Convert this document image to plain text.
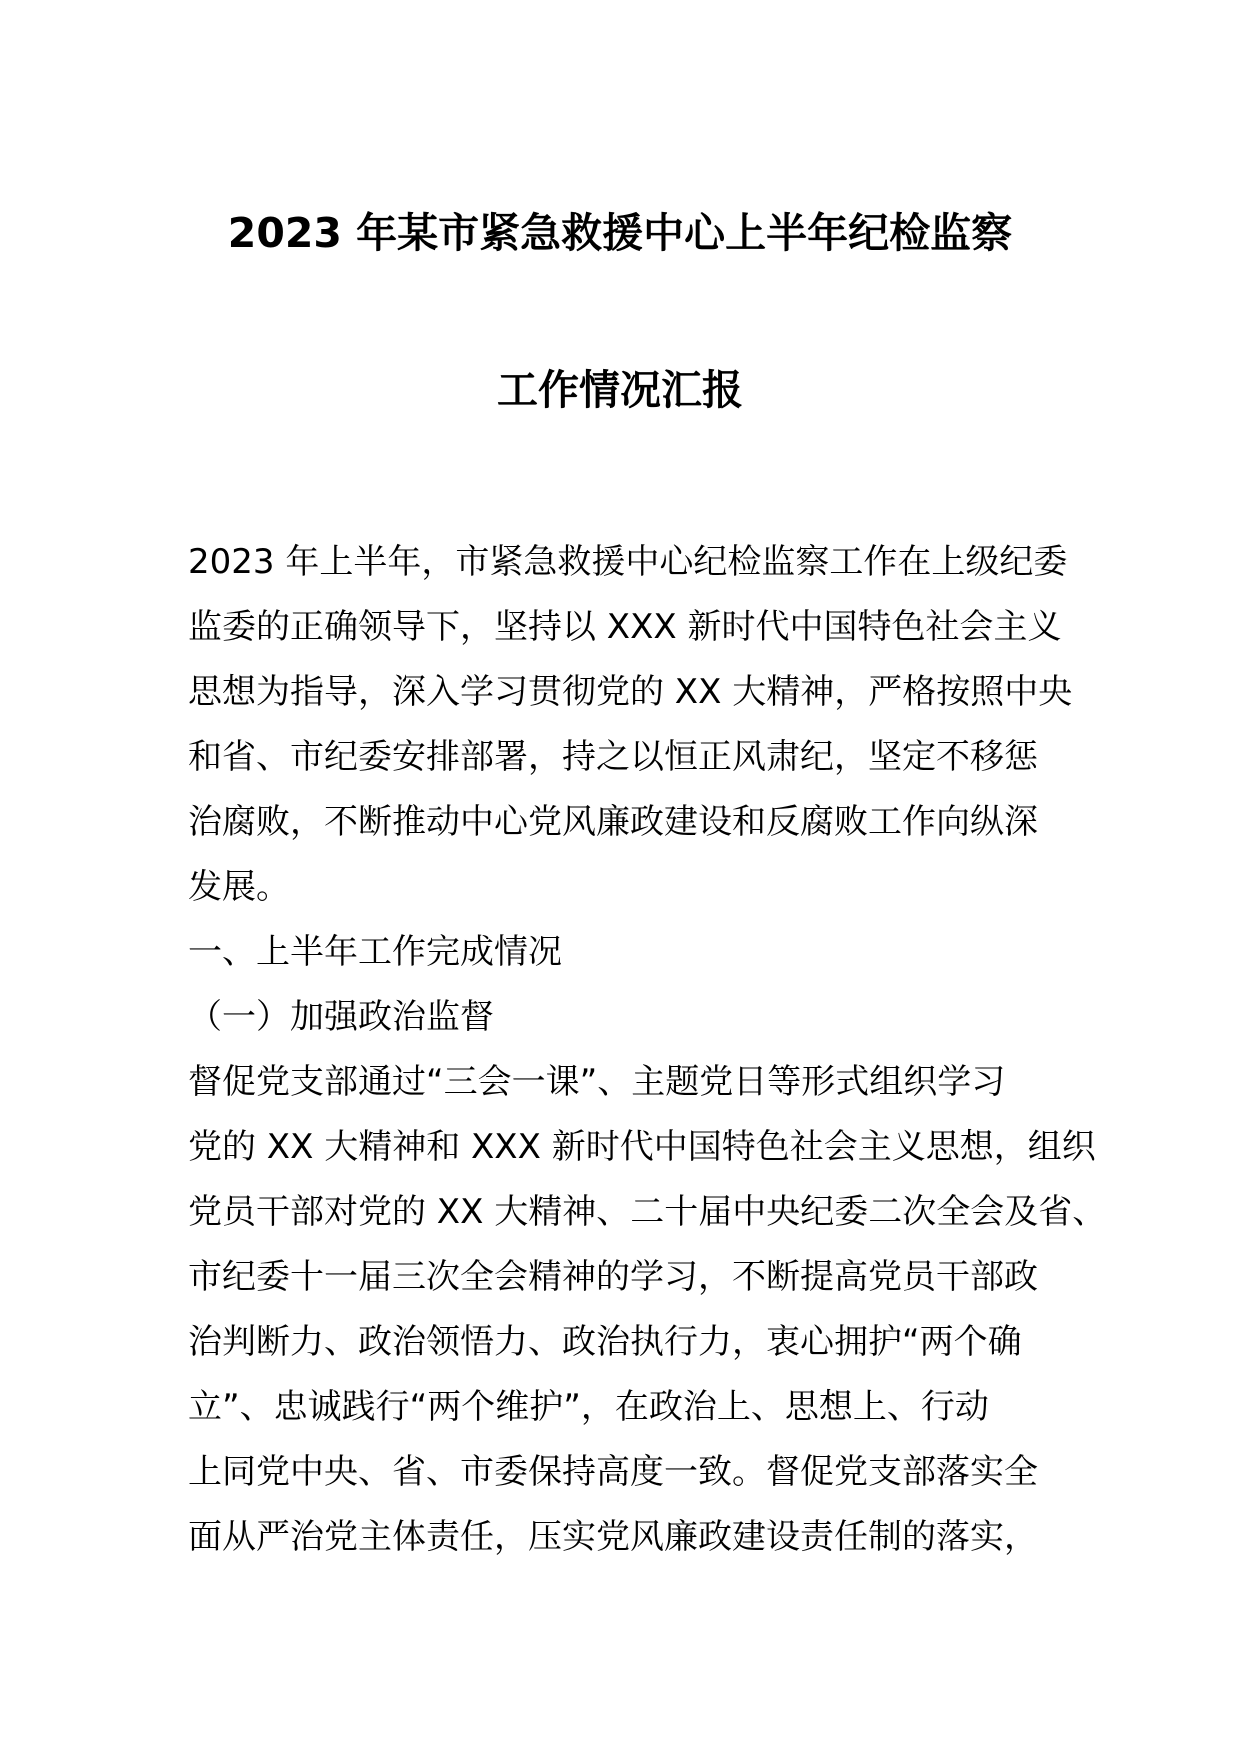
2023 年某市紧急救援中心上半年纪检监察
工作情况汇报
2023 年上半年，市紧急救援中心纪检监察工作在上级纪委
监委的正确领导下，坚持以 XXX 新时代中国特色社会主义
思想为指导，深入学习贯彻党的 XX 大精神，严格按照中央
和省、市纪委安排部署，持之以恒正风肃纪，坚定不移惩
治腐败，不断推动中心党风廉政建设和反腐败工作向纵深
发展。
一、上半年工作完成情况
（一）加强政治监督
督促党支部通过“三会一课”、主题党日等形式组织学习
党的 XX 大精神和 XXX 新时代中国特色社会主义思想，组织
党员干部对党的 XX 大精神、二十届中央纪委二次全会及省、
市纪委十一届三次全会精神的学习，不断提高党员干部政
治判断力、政治领悟力、政治执行力，衷心拥护“两个确
立”、忠诚践行“两个维护”，在政治上、思想上、行动
上同党中央、省、市委保持高度一致。督促党支部落实全
面从严治党主体责任，压实党风廉政建设责任制的落实，
